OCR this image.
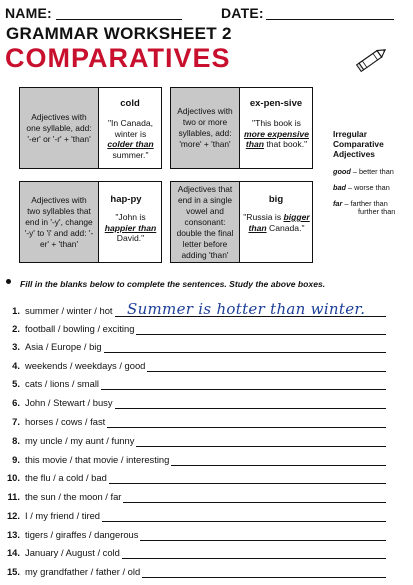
NAME:	DATE:
GRAMMAR WORKSHEET 2
COMPARATIVES
Adjectives with one syllable, add: '-er' or '-r' + 'than'
cold
"In Canada, winter is colder than summer."
Adjectives with two or more syllables, add: 'more' + 'than'
ex-pen-sive
"This book is more expensive than that book."
Adjectives with two syllables that end in '-y', change '-y' to 'i' and add: '-er' + 'than'
hap-py
"John is happier than David."
Adjectives that end in a single vowel and consonant: double the final letter before adding 'than'
big
"Russia is bigger than Canada."
Irregular
Comparative
Adjectives
good – better than
bad – worse than
far – farther than
further than
Fill in the blanks below to complete the sentences. Study the above boxes.
1. summer / winter / hot
2. football / bowling / exciting
3. Asia / Europe / big
4. weekends / weekdays / good
5. cats / lions / small
6. John / Stewart / busy
7. horses / cows / fast
8. my uncle / my aunt / funny
9. this movie / that movie / interesting
10. the flu / a cold / bad
11. the sun / the moon / far
12. I / my friend / tired
13. tigers / giraffes / dangerous
14. January / August / cold
15. my grandfather / father / old
Summer is hotter than winter.
